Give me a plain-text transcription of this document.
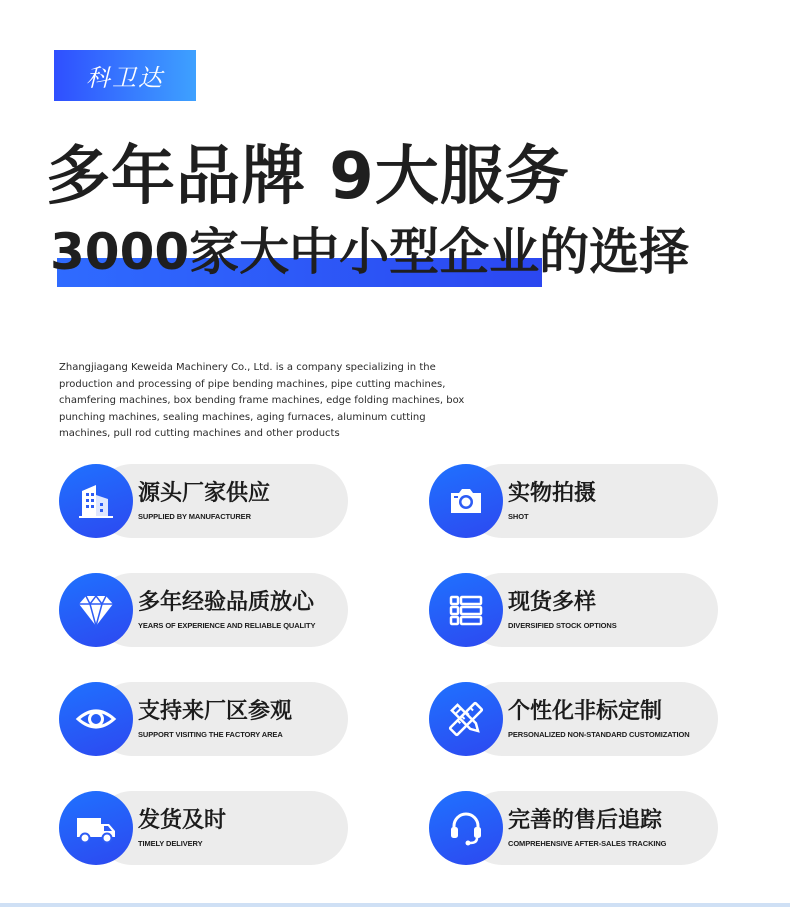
科卫达
多年品牌 9大服务
3000家大中小型企业的选择
Zhangjiagang Keweida Machinery Co., Ltd. is a company specializing in the production and processing of pipe bending machines, pipe cutting machines, chamfering machines, box bending frame machines, edge folding machines, box punching machines, sealing machines, aging furnaces, aluminum cutting machines, pull rod cutting machines and other products
源头厂家供应
SUPPLIED BY MANUFACTURER
实物拍摄
SHOT
多年经验品质放心
YEARS OF EXPERIENCE AND RELIABLE QUALITY
现货多样
DIVERSIFIED STOCK OPTIONS
支持来厂区参观
SUPPORT VISITING THE FACTORY AREA
个性化非标定制
PERSONALIZED NON-STANDARD CUSTOMIZATION
发货及时
TIMELY DELIVERY
完善的售后追踪
COMPREHENSIVE AFTER-SALES TRACKING
